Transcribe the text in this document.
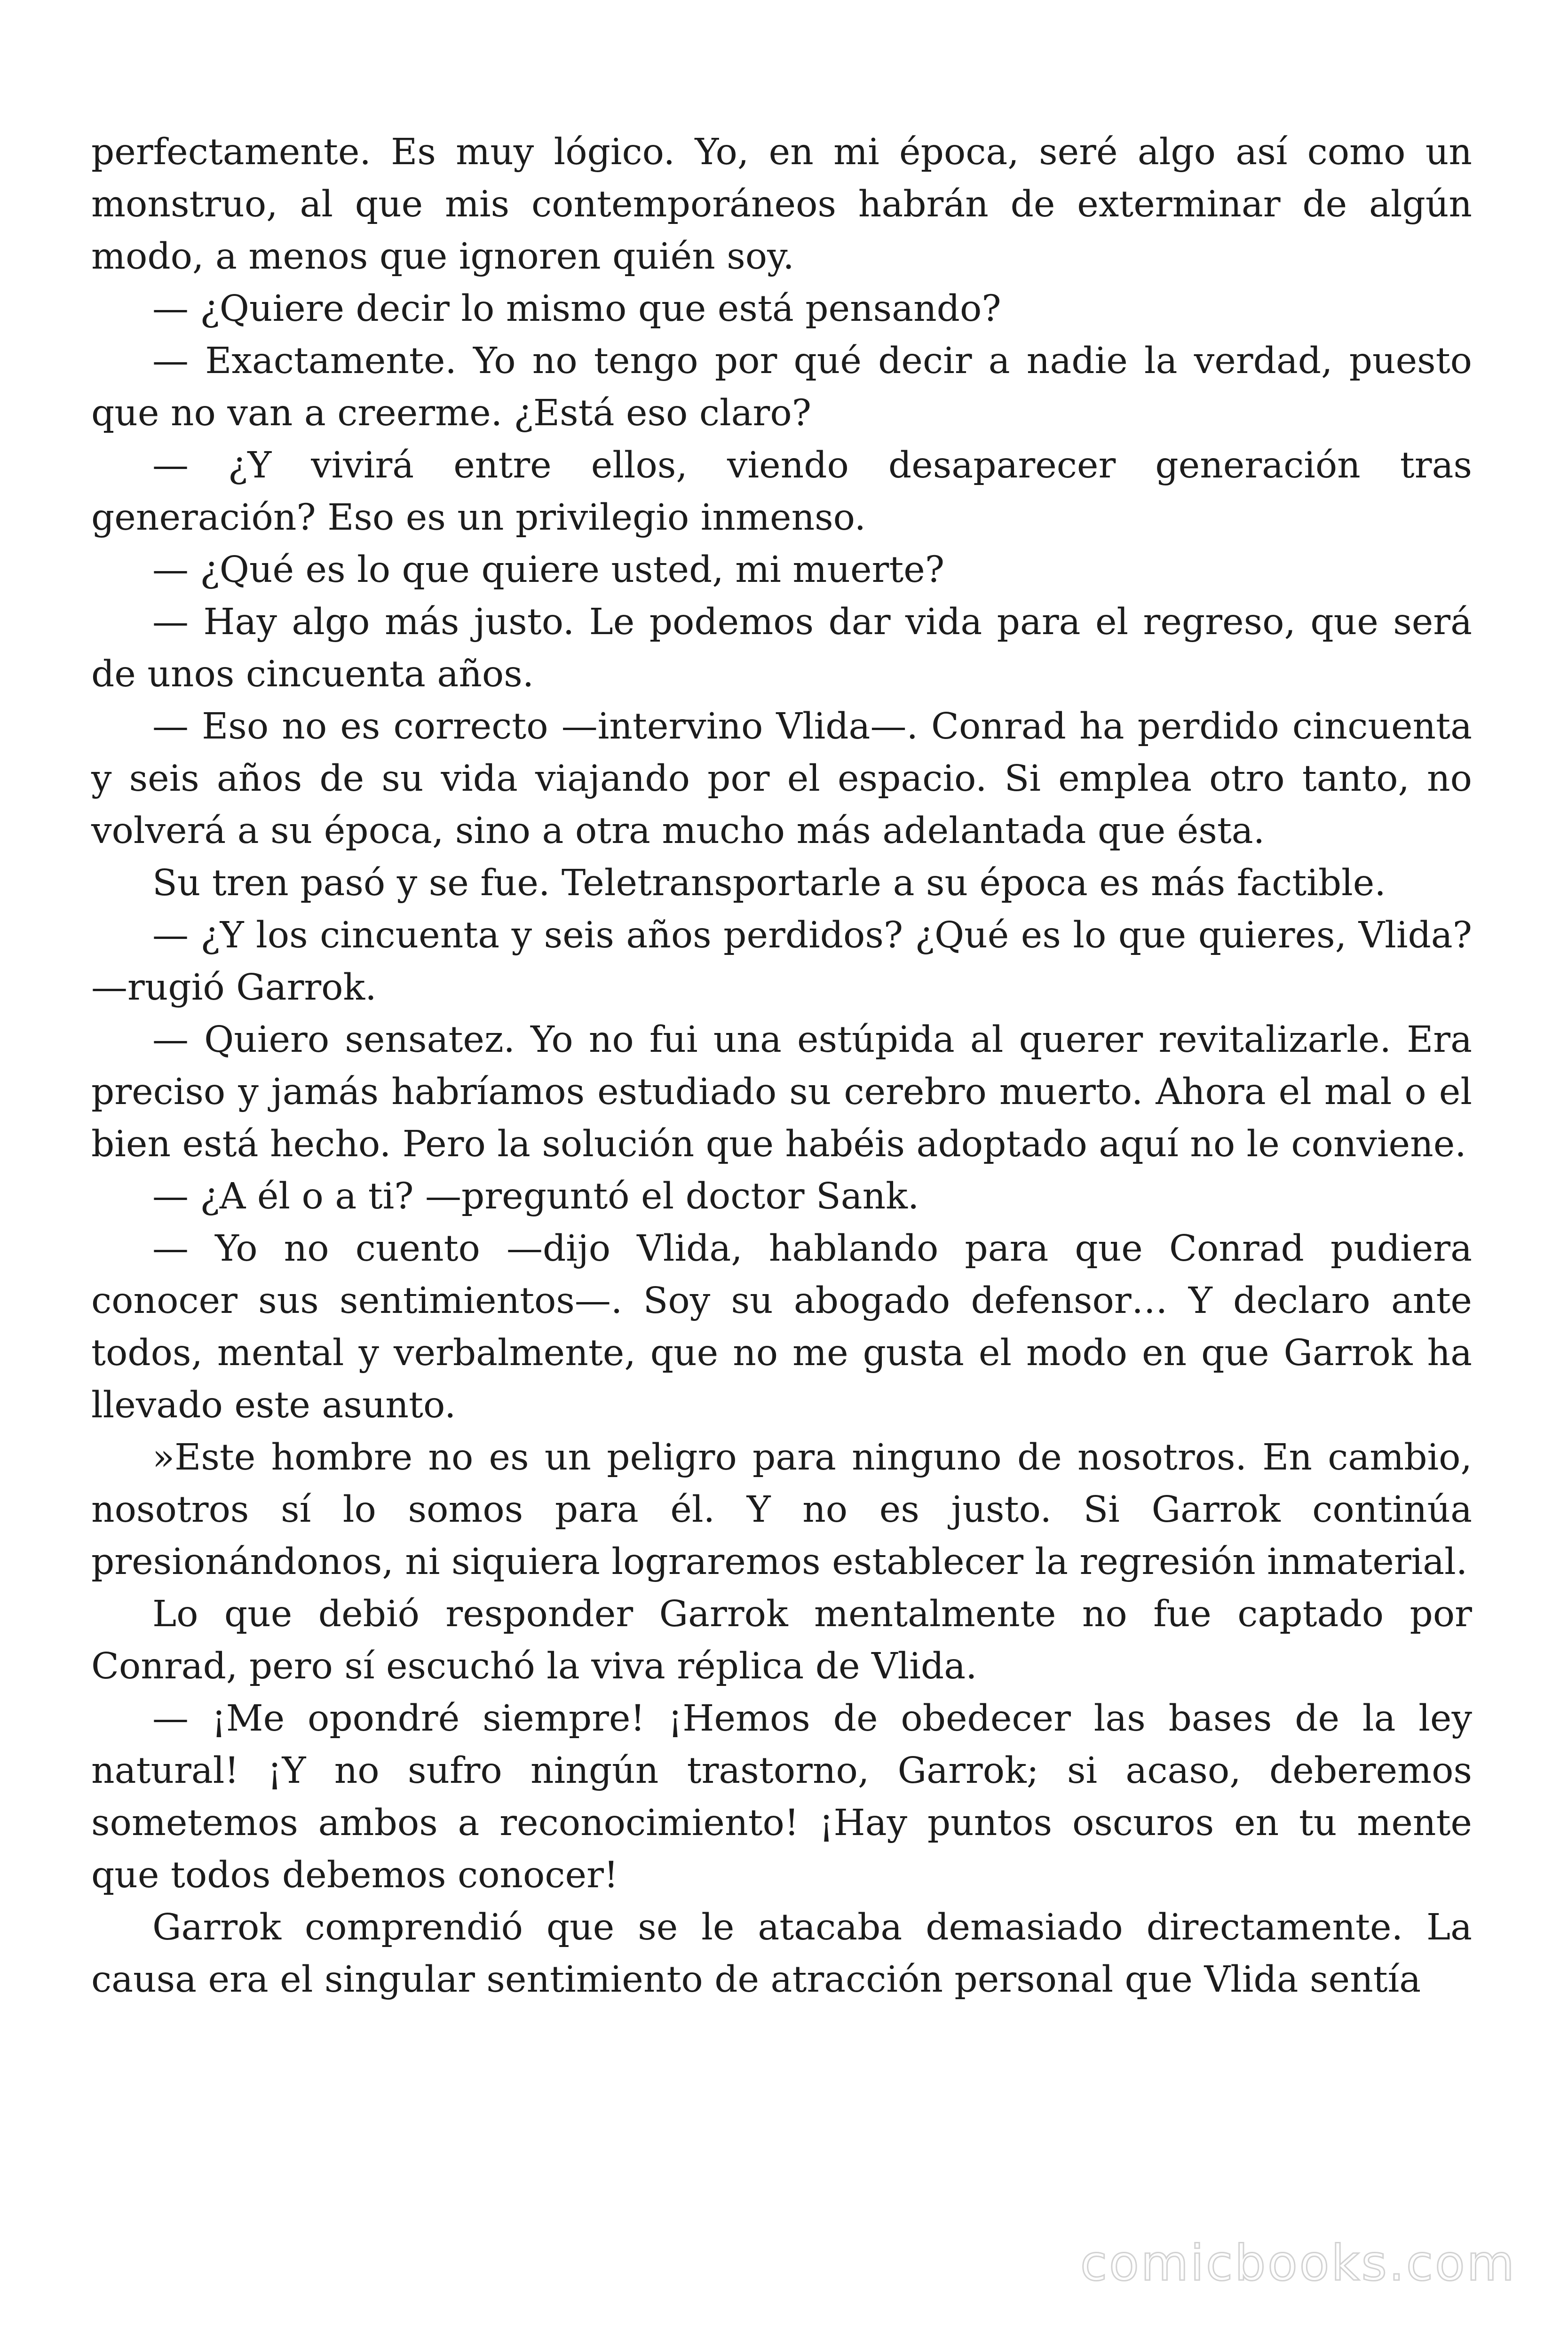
perfectamente. Es muy lógico. Yo, en mi época, seré algo así como un monstruo, al que mis contemporáneos habrán de exterminar de algún modo, a menos que ignoren quién soy.

— ¿Quiere decir lo mismo que está pensando?

— Exactamente. Yo no tengo por qué decir a nadie la verdad, puesto que no van a creerme. ¿Está eso claro?

— ¿Y vivirá entre ellos, viendo desaparecer generación tras generación? Eso es un privilegio inmenso.

— ¿Qué es lo que quiere usted, mi muerte?

— Hay algo más justo. Le podemos dar vida para el regreso, que será de unos cincuenta años.

— Eso no es correcto —intervino Vlida—. Conrad ha perdido cincuenta y seis años de su vida viajando por el espacio. Si emplea otro tanto, no volverá a su época, sino a otra mucho más adelantada que ésta.

Su tren pasó y se fue. Teletransportarle a su época es más factible.

— ¿Y los cincuenta y seis años perdidos? ¿Qué es lo que quieres, Vlida? —rugió Garrok.

— Quiero sensatez. Yo no fui una estúpida al querer revitalizarle. Era preciso y jamás habríamos estudiado su cerebro muerto. Ahora el mal o el bien está hecho. Pero la solución que habéis adoptado aquí no le conviene.

— ¿A él o a ti? —preguntó el doctor Sank.

— Yo no cuento —dijo Vlida, hablando para que Conrad pudiera conocer sus sentimientos—. Soy su abogado defensor… Y declaro ante todos, mental y verbalmente, que no me gusta el modo en que Garrok ha llevado este asunto.

»Este hombre no es un peligro para ninguno de nosotros. En cambio, nosotros sí lo somos para él. Y no es justo. Si Garrok continúa presionándonos, ni siquiera lograremos establecer la regresión inmaterial.

Lo que debió responder Garrok mentalmente no fue captado por Conrad, pero sí escuchó la viva réplica de Vlida.

— ¡Me opondré siempre! ¡Hemos de obedecer las bases de la ley natural! ¡Y no sufro ningún trastorno, Garrok; si acaso, deberemos sometemos ambos a reconocimiento! ¡Hay puntos oscuros en tu mente que todos debemos conocer!

Garrok comprendió que se le atacaba demasiado directamente. La causa era el singular sentimiento de atracción personal que Vlida sentía

comicbooks.com
